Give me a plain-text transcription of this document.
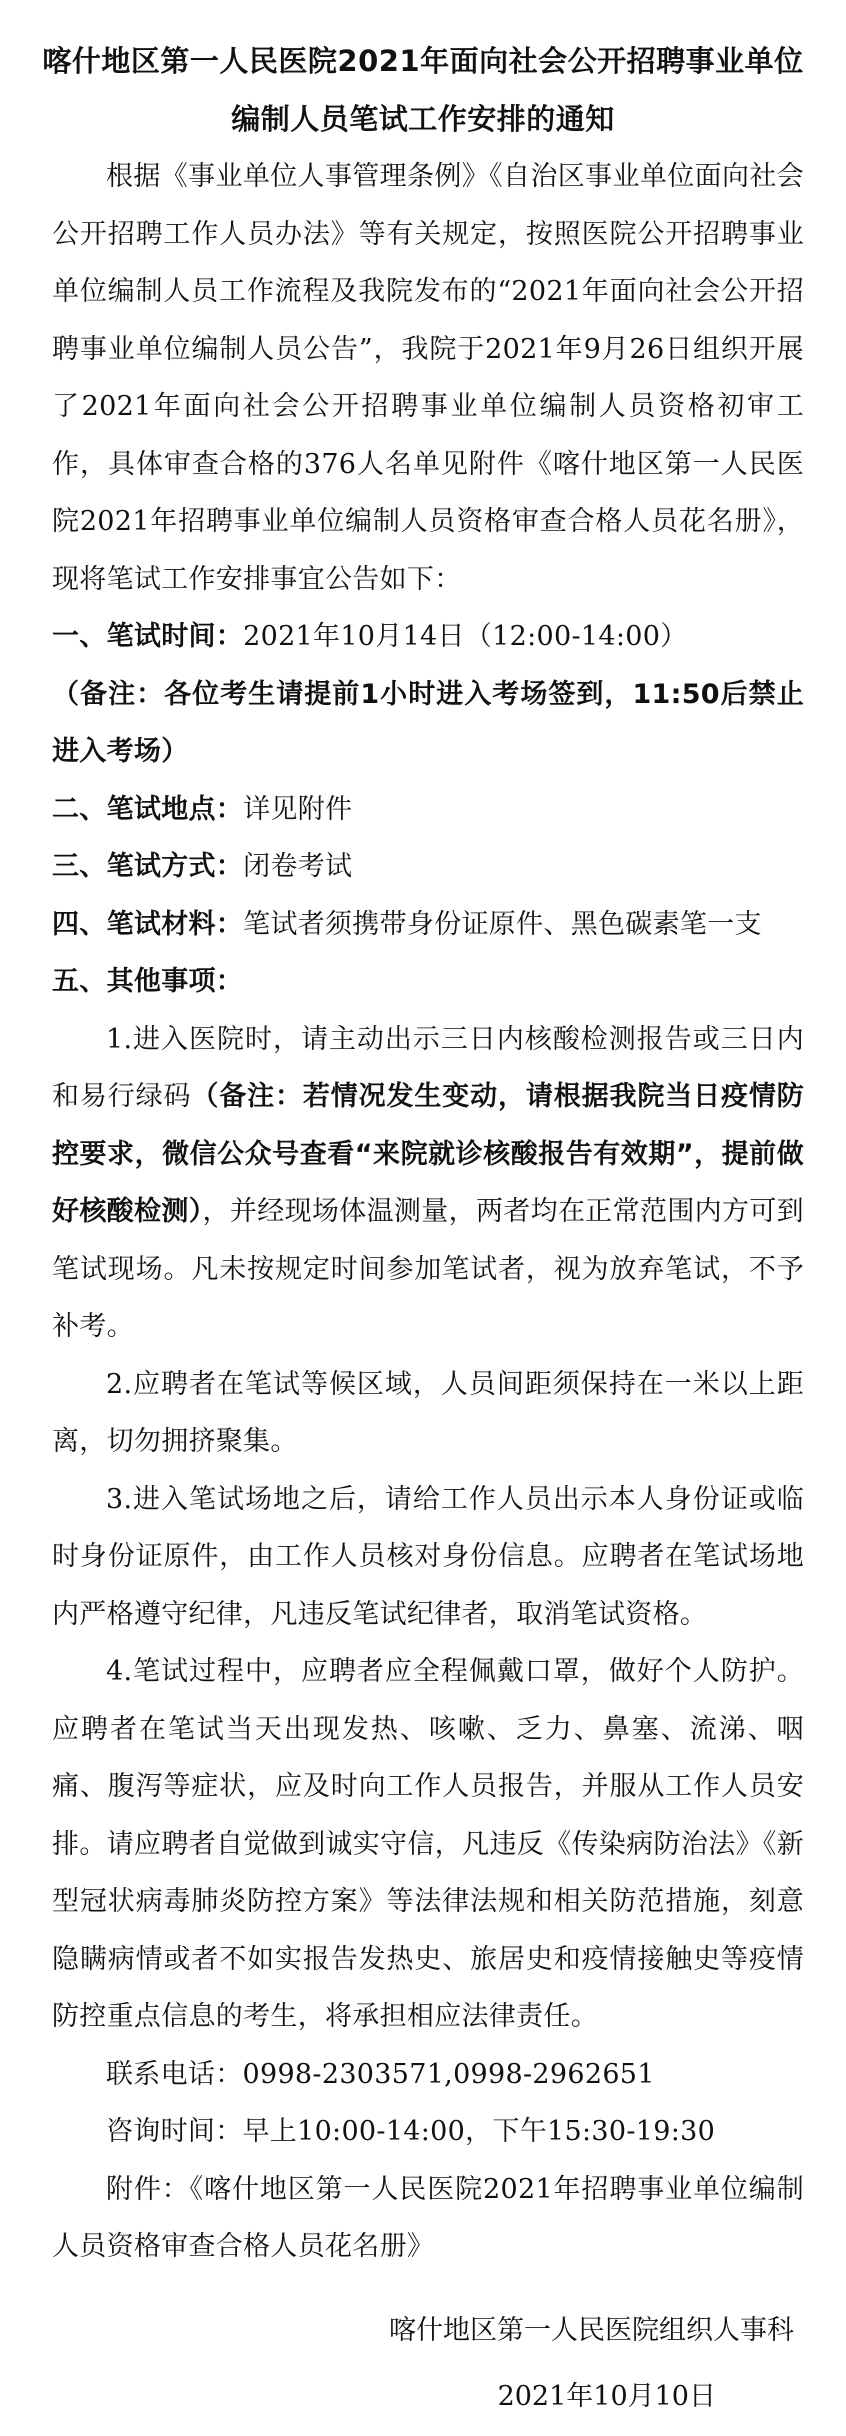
喀什地区第一人民医院2021年面向社会公开招聘事业单位
编制人员笔试工作安排的通知

根据《事业单位人事管理条例》《自治区事业单位面向社会公开招聘工作人员办法》等有关规定，按照医院公开招聘事业单位编制人员工作流程及我院发布的“2021年面向社会公开招聘事业单位编制人员公告”，我院于2021年9月26日组织开展了2021年面向社会公开招聘事业单位编制人员资格初审工作，具体审查合格的376人名单见附件《喀什地区第一人民医院2021年招聘事业单位编制人员资格审查合格人员花名册》，现将笔试工作安排事宜公告如下：

一、笔试时间：2021年10月14日（12:00-14:00）

（备注：各位考生请提前1小时进入考场签到，11:50后禁止进入考场）

二、笔试地点：详见附件

三、笔试方式：闭卷考试

四、笔试材料：笔试者须携带身份证原件、黑色碳素笔一支

五、其他事项：

1.进入医院时，请主动出示三日内核酸检测报告或三日内和易行绿码（备注：若情况发生变动，请根据我院当日疫情防控要求，微信公众号查看“来院就诊核酸报告有效期”，提前做好核酸检测），并经现场体温测量，两者均在正常范围内方可到笔试现场。凡未按规定时间参加笔试者，视为放弃笔试，不予补考。

2.应聘者在笔试等候区域，人员间距须保持在一米以上距离，切勿拥挤聚集。

3.进入笔试场地之后，请给工作人员出示本人身份证或临时身份证原件，由工作人员核对身份信息。应聘者在笔试场地内严格遵守纪律，凡违反笔试纪律者，取消笔试资格。

4.笔试过程中，应聘者应全程佩戴口罩，做好个人防护。应聘者在笔试当天出现发热、咳嗽、乏力、鼻塞、流涕、咽痛、腹泻等症状，应及时向工作人员报告，并服从工作人员安排。请应聘者自觉做到诚实守信，凡违反《传染病防治法》《新型冠状病毒肺炎防控方案》等法律法规和相关防范措施，刻意隐瞒病情或者不如实报告发热史、旅居史和疫情接触史等疫情防控重点信息的考生，将承担相应法律责任。

联系电话：0998-2303571,0998-2962651

咨询时间：早上10:00-14:00，下午15:30-19:30

附件：《喀什地区第一人民医院2021年招聘事业单位编制人员资格审查合格人员花名册》

喀什地区第一人民医院组织人事科
2021年10月10日
